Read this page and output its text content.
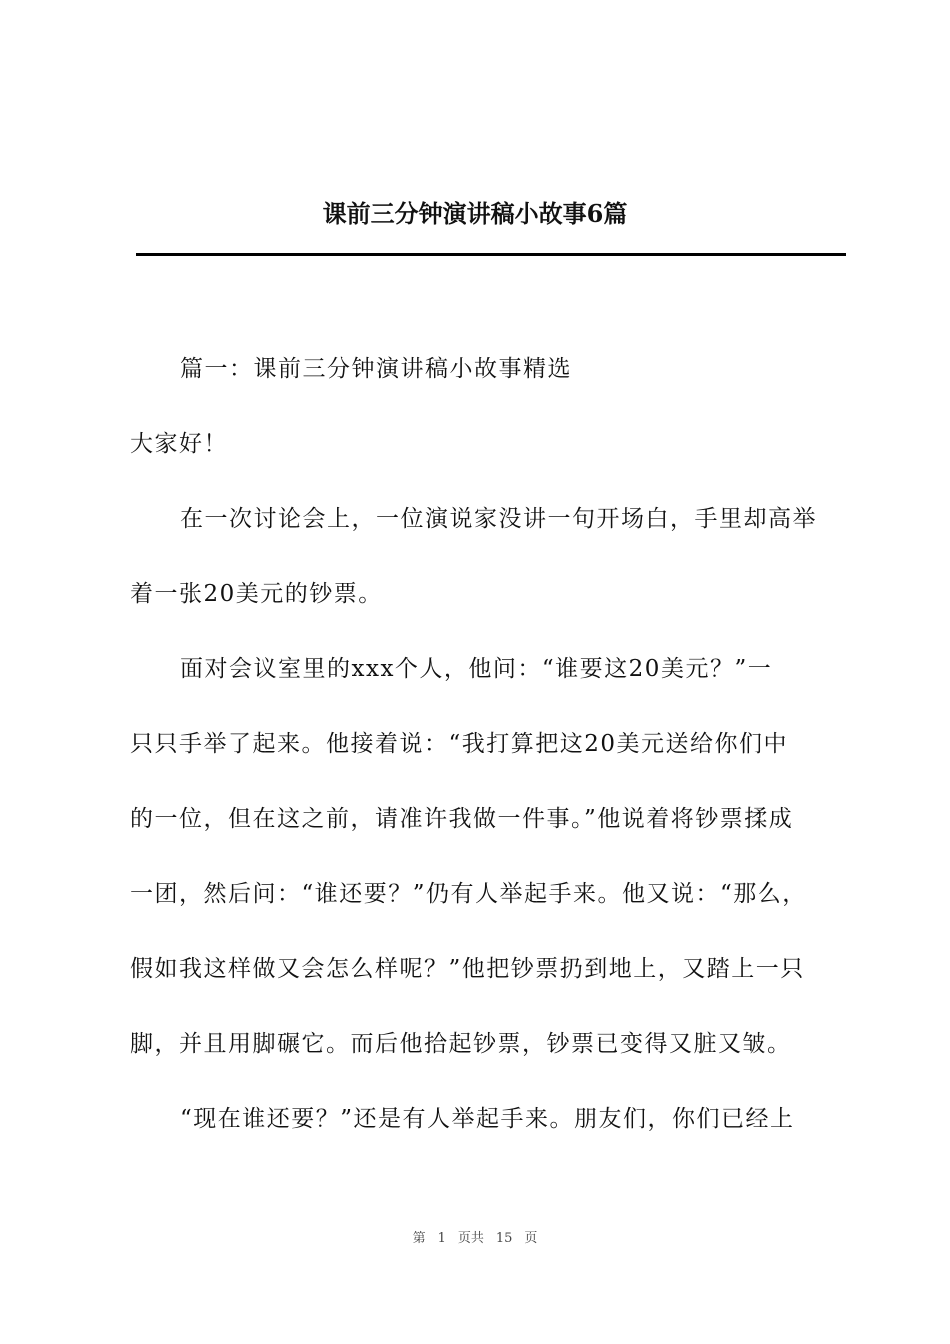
课前三分钟演讲稿小故事6篇
篇一：课前三分钟演讲稿小故事精选
大家好！
在一次讨论会上，一位演说家没讲一句开场白，手里却高举
着一张20美元的钞票。
面对会议室里的xxx个人，他问：“谁要这20美元？”一
只只手举了起来。他接着说：“我打算把这20美元送给你们中
的一位，但在这之前，请准许我做一件事。”他说着将钞票揉成
一团，然后问：“谁还要？”仍有人举起手来。他又说：“那么，
假如我这样做又会怎么样呢？”他把钞票扔到地上，又踏上一只
脚，并且用脚碾它。而后他拾起钞票，钞票已变得又脏又皱。
“现在谁还要？”还是有人举起手来。朋友们，你们已经上
第 1 页共 15 页
